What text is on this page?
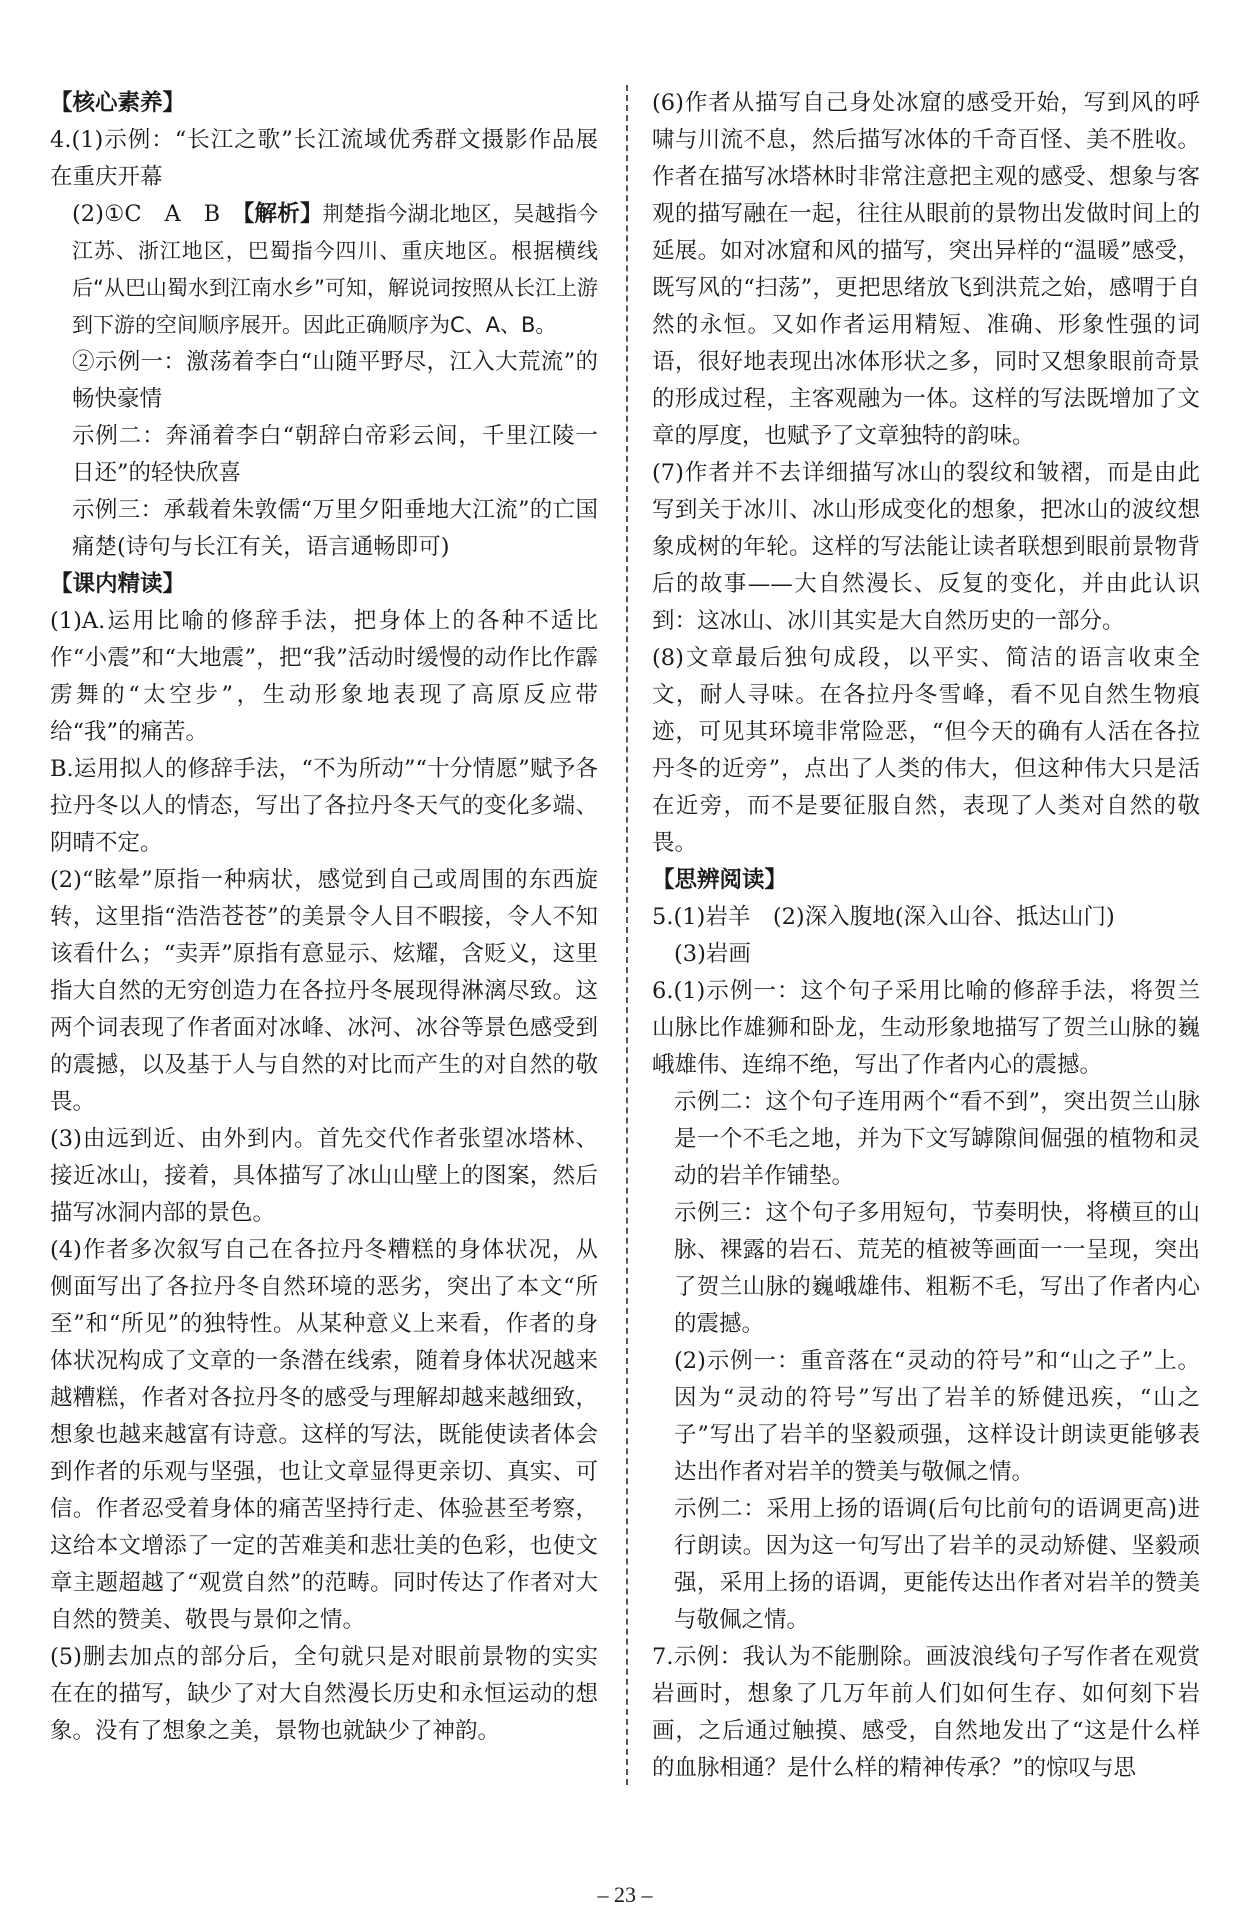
【核心素养】
4.(1)示例：“长江之歌”长江流域优秀群文摄影作品展在重庆开幕
(2)①C　A　B　【解析】荆楚指今湖北地区，吴越指今江苏、浙江地区，巴蜀指今四川、重庆地区。根据横线后“从巴山蜀水到江南水乡”可知，解说词按照从长江上游到下游的空间顺序展开。因此正确顺序为C、A、B。
②示例一：激荡着李白“山随平野尽，江入大荒流”的畅快豪情
示例二：奔涌着李白“朝辞白帝彩云间，千里江陵一日还”的轻快欣喜
示例三：承载着朱敦儒“万里夕阳垂地大江流”的亡国痛楚(诗句与长江有关，语言通畅即可)
【课内精读】
(1)A.运用比喻的修辞手法，把身体上的各种不适比作“小震”和“大地震”，把“我”活动时缓慢的动作比作霹雳舞的“太空步”，生动形象地表现了高原反应带给“我”的痛苦。
B.运用拟人的修辞手法，“不为所动”“十分情愿”赋予各拉丹冬以人的情态，写出了各拉丹冬天气的变化多端、阴晴不定。
(2)“眩晕”原指一种病状，感觉到自己或周围的东西旋转，这里指“浩浩苍苍”的美景令人目不暇接，令人不知该看什么；“卖弄”原指有意显示、炫耀，含贬义，这里指大自然的无穷创造力在各拉丹冬展现得淋漓尽致。这两个词表现了作者面对冰峰、冰河、冰谷等景色感受到的震撼，以及基于人与自然的对比而产生的对自然的敬畏。
(3)由远到近、由外到内。首先交代作者张望冰塔林、接近冰山，接着，具体描写了冰山山壁上的图案，然后描写冰洞内部的景色。
(4)作者多次叙写自己在各拉丹冬糟糕的身体状况，从侧面写出了各拉丹冬自然环境的恶劣，突出了本文“所至”和“所见”的独特性。从某种意义上来看，作者的身体状况构成了文章的一条潜在线索，随着身体状况越来越糟糕，作者对各拉丹冬的感受与理解却越来越细致，想象也越来越富有诗意。这样的写法，既能使读者体会到作者的乐观与坚强，也让文章显得更亲切、真实、可信。作者忍受着身体的痛苦坚持行走、体验甚至考察，这给本文增添了一定的苦难美和悲壮美的色彩，也使文章主题超越了“观赏自然”的范畴。同时传达了作者对大自然的赞美、敬畏与景仰之情。
(5)删去加点的部分后，全句就只是对眼前景物的实实在在的描写，缺少了对大自然漫长历史和永恒运动的想象。没有了想象之美，景物也就缺少了神韵。
(6)作者从描写自己身处冰窟的感受开始，写到风的呼啸与川流不息，然后描写冰体的千奇百怪、美不胜收。作者在描写冰塔林时非常注意把主观的感受、想象与客观的描写融在一起，往往从眼前的景物出发做时间上的延展。如对冰窟和风的描写，突出异样的“温暖”感受，既写风的“扫荡”，更把思绪放飞到洪荒之始，感喟于自然的永恒。又如作者运用精短、准确、形象性强的词语，很好地表现出冰体形状之多，同时又想象眼前奇景的形成过程，主客观融为一体。这样的写法既增加了文章的厚度，也赋予了文章独特的韵味。
(7)作者并不去详细描写冰山的裂纹和皱褶，而是由此写到关于冰川、冰山形成变化的想象，把冰山的波纹想象成树的年轮。这样的写法能让读者联想到眼前景物背后的故事——大自然漫长、反复的变化，并由此认识到：这冰山、冰川其实是大自然历史的一部分。
(8)文章最后独句成段，以平实、简洁的语言收束全文，耐人寻味。在各拉丹冬雪峰，看不见自然生物痕迹，可见其环境非常险恶，“但今天的确有人活在各拉丹冬的近旁”，点出了人类的伟大，但这种伟大只是活在近旁，而不是要征服自然，表现了人类对自然的敬畏。
【思辨阅读】
5.(1)岩羊　(2)深入腹地(深入山谷、抵达山门)
(3)岩画
6.(1)示例一：这个句子采用比喻的修辞手法，将贺兰山脉比作雄狮和卧龙，生动形象地描写了贺兰山脉的巍峨雄伟、连绵不绝，写出了作者内心的震撼。
示例二：这个句子连用两个“看不到”，突出贺兰山脉是一个不毛之地，并为下文写罅隙间倔强的植物和灵动的岩羊作铺垫。
示例三：这个句子多用短句，节奏明快，将横亘的山脉、裸露的岩石、荒芜的植被等画面一一呈现，突出了贺兰山脉的巍峨雄伟、粗粝不毛，写出了作者内心的震撼。
(2)示例一：重音落在“灵动的符号”和“山之子”上。因为“灵动的符号”写出了岩羊的矫健迅疾，“山之子”写出了岩羊的坚毅顽强，这样设计朗读更能够表达出作者对岩羊的赞美与敬佩之情。
示例二：采用上扬的语调(后句比前句的语调更高)进行朗读。因为这一句写出了岩羊的灵动矫健、坚毅顽强，采用上扬的语调，更能传达出作者对岩羊的赞美与敬佩之情。
7.示例：我认为不能删除。画波浪线句子写作者在观赏岩画时，想象了几万年前人们如何生存、如何刻下岩画，之后通过触摸、感受，自然地发出了“这是什么样的血脉相通？是什么样的精神传承？”的惊叹与思
– 23 –
